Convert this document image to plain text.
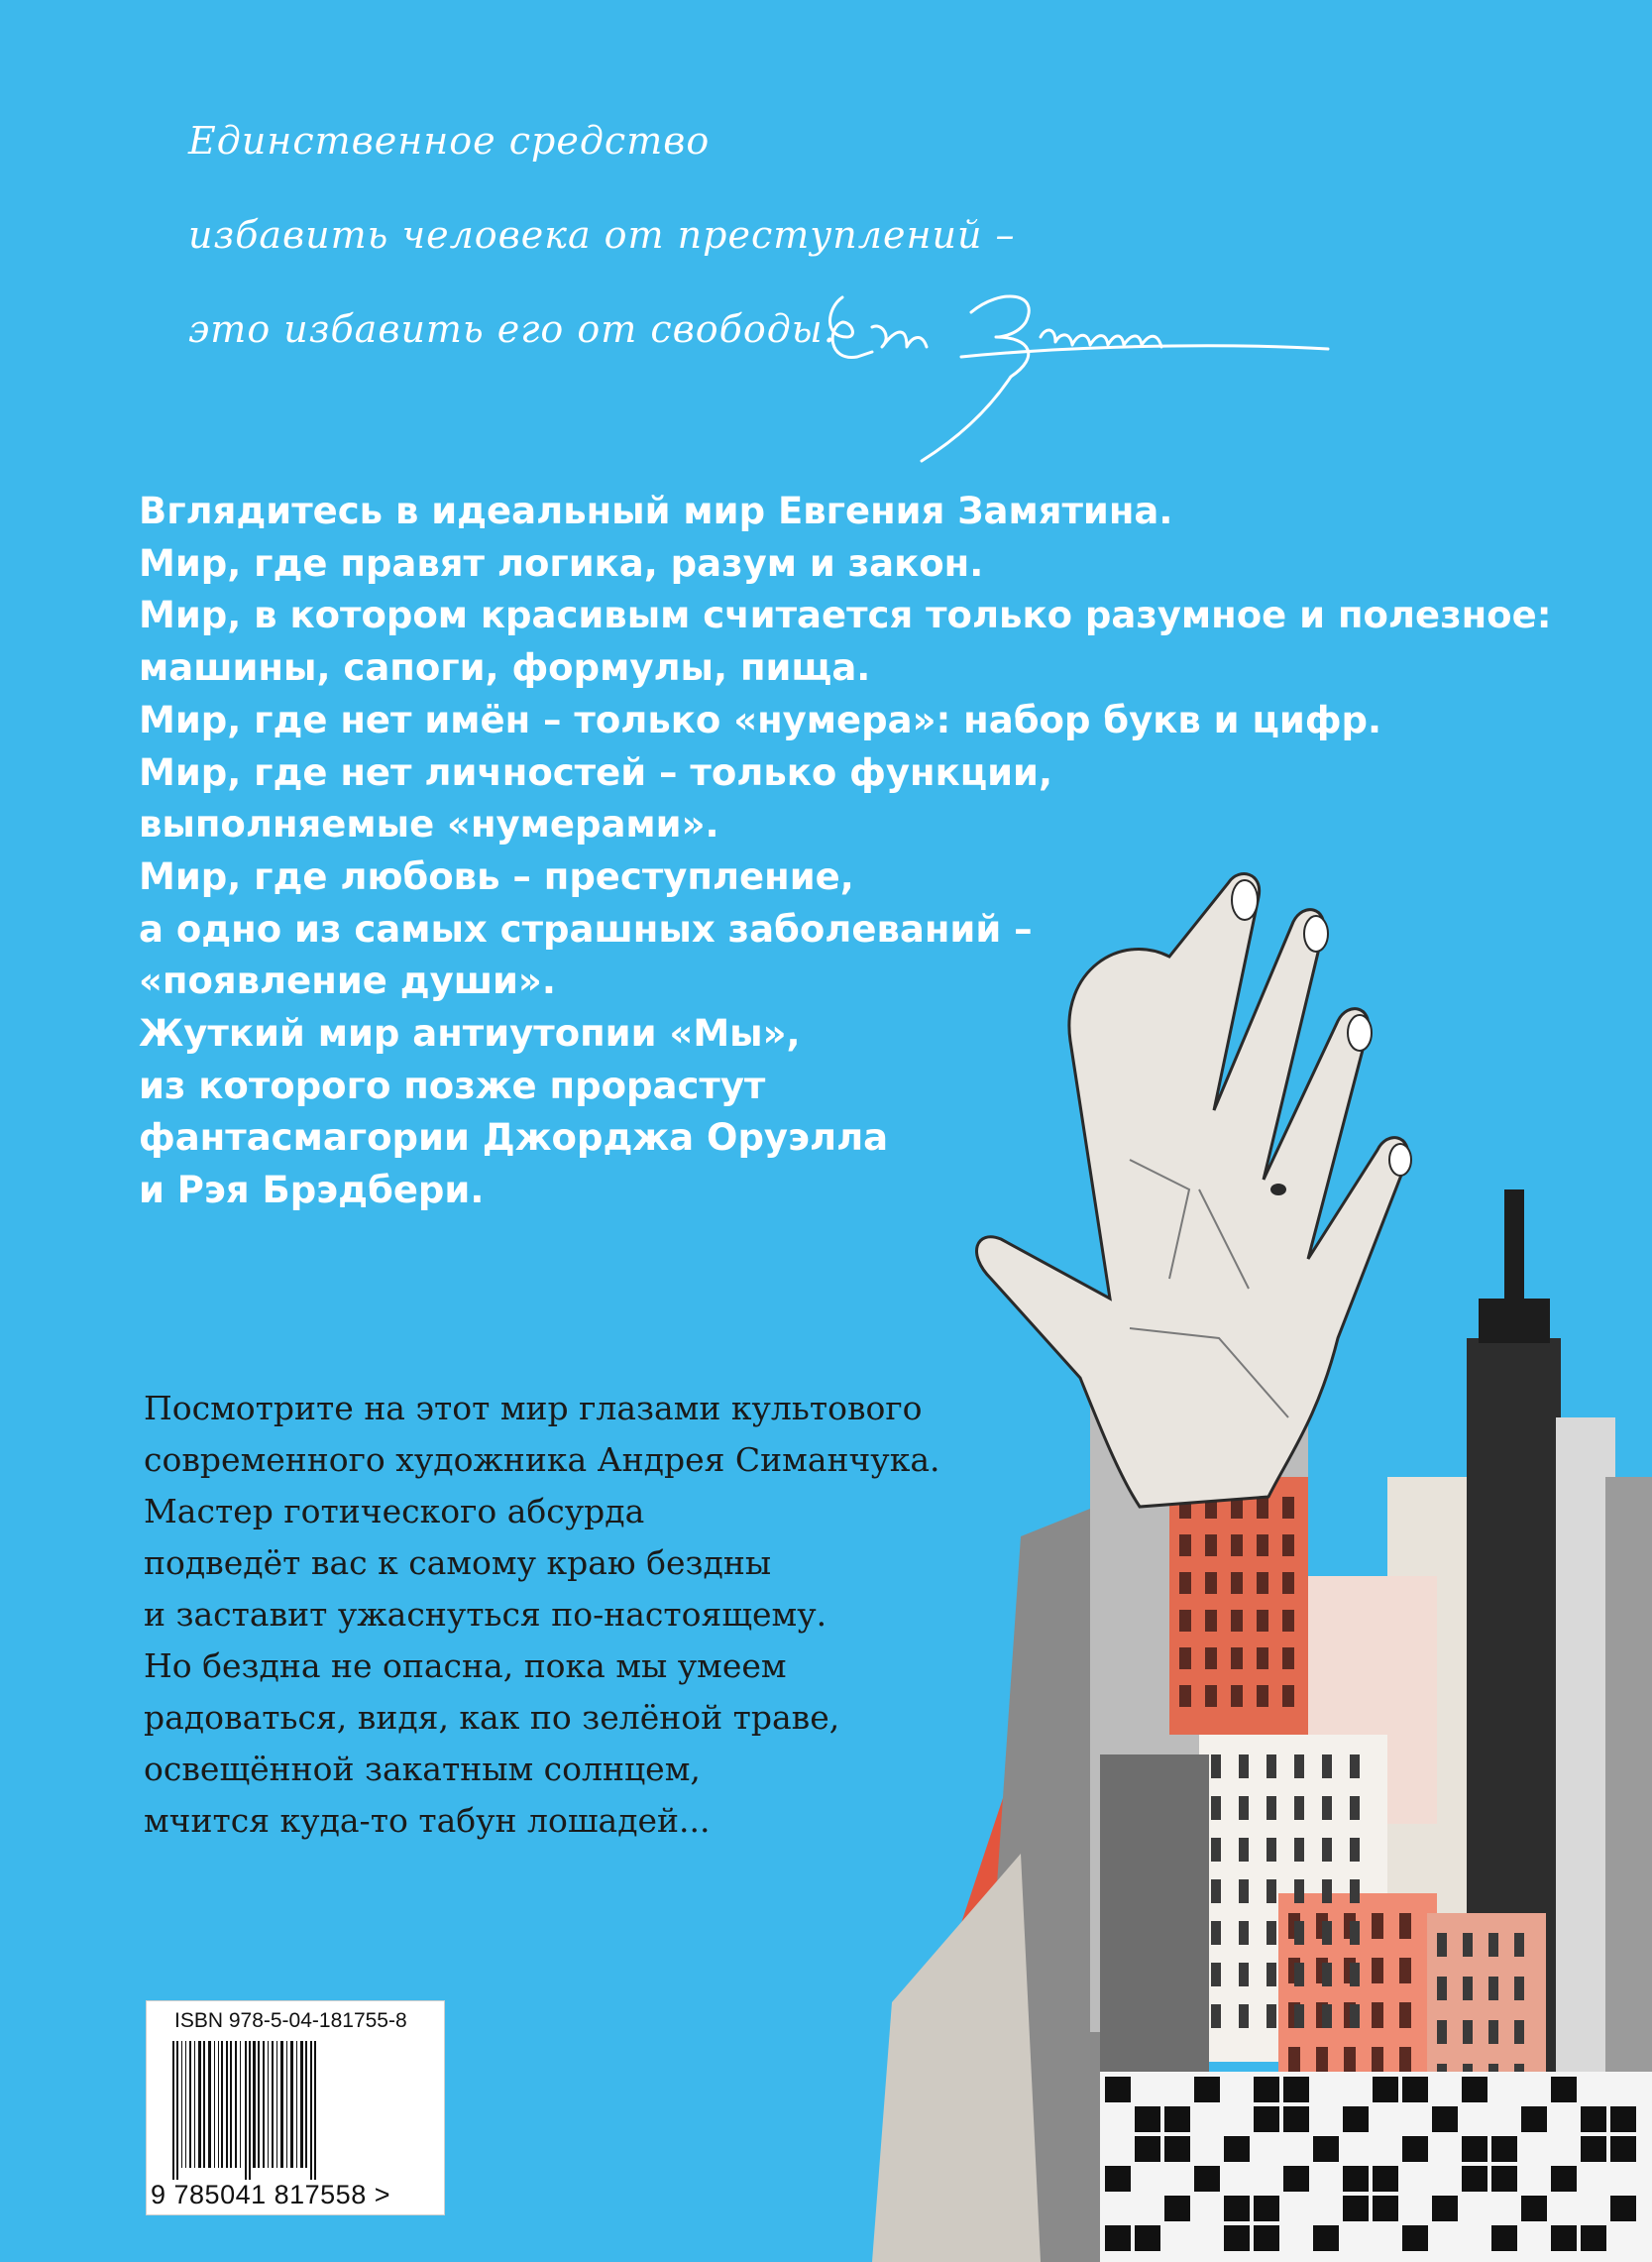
Единственное средство
избавить человека от преступлений –
это избавить его от свободы.
Вглядитесь в идеальный мир Евгения Замятина.
Мир, где правят логика, разум и закон.
Мир, в котором красивым считается только разумное и полезное:
машины, сапоги, формулы, пища.
Мир, где нет имён – только «нумера»: набор букв и цифр.
Мир, где нет личностей – только функции,
выполняемые «нумерами».
Мир, где любовь – преступление,
а одно из самых страшных заболеваний –
«появление души».
Жуткий мир антиутопии «Мы»,
из которого позже прорастут
фантасмагории Джорджа Оруэлла
и Рэя Брэдбери.
Посмотрите на этот мир глазами культового
современного художника Андрея Симанчука.
Мастер готического абсурда
подведёт вас к самому краю бездны
и заставит ужаснуться по-настоящему.
Но бездна не опасна, пока мы умеем
радоваться, видя, как по зелёной траве,
освещённой закатным солнцем,
мчится куда-то табун лошадей...
ISBN 978-5-04-181755-8
9 785041 817558 >
